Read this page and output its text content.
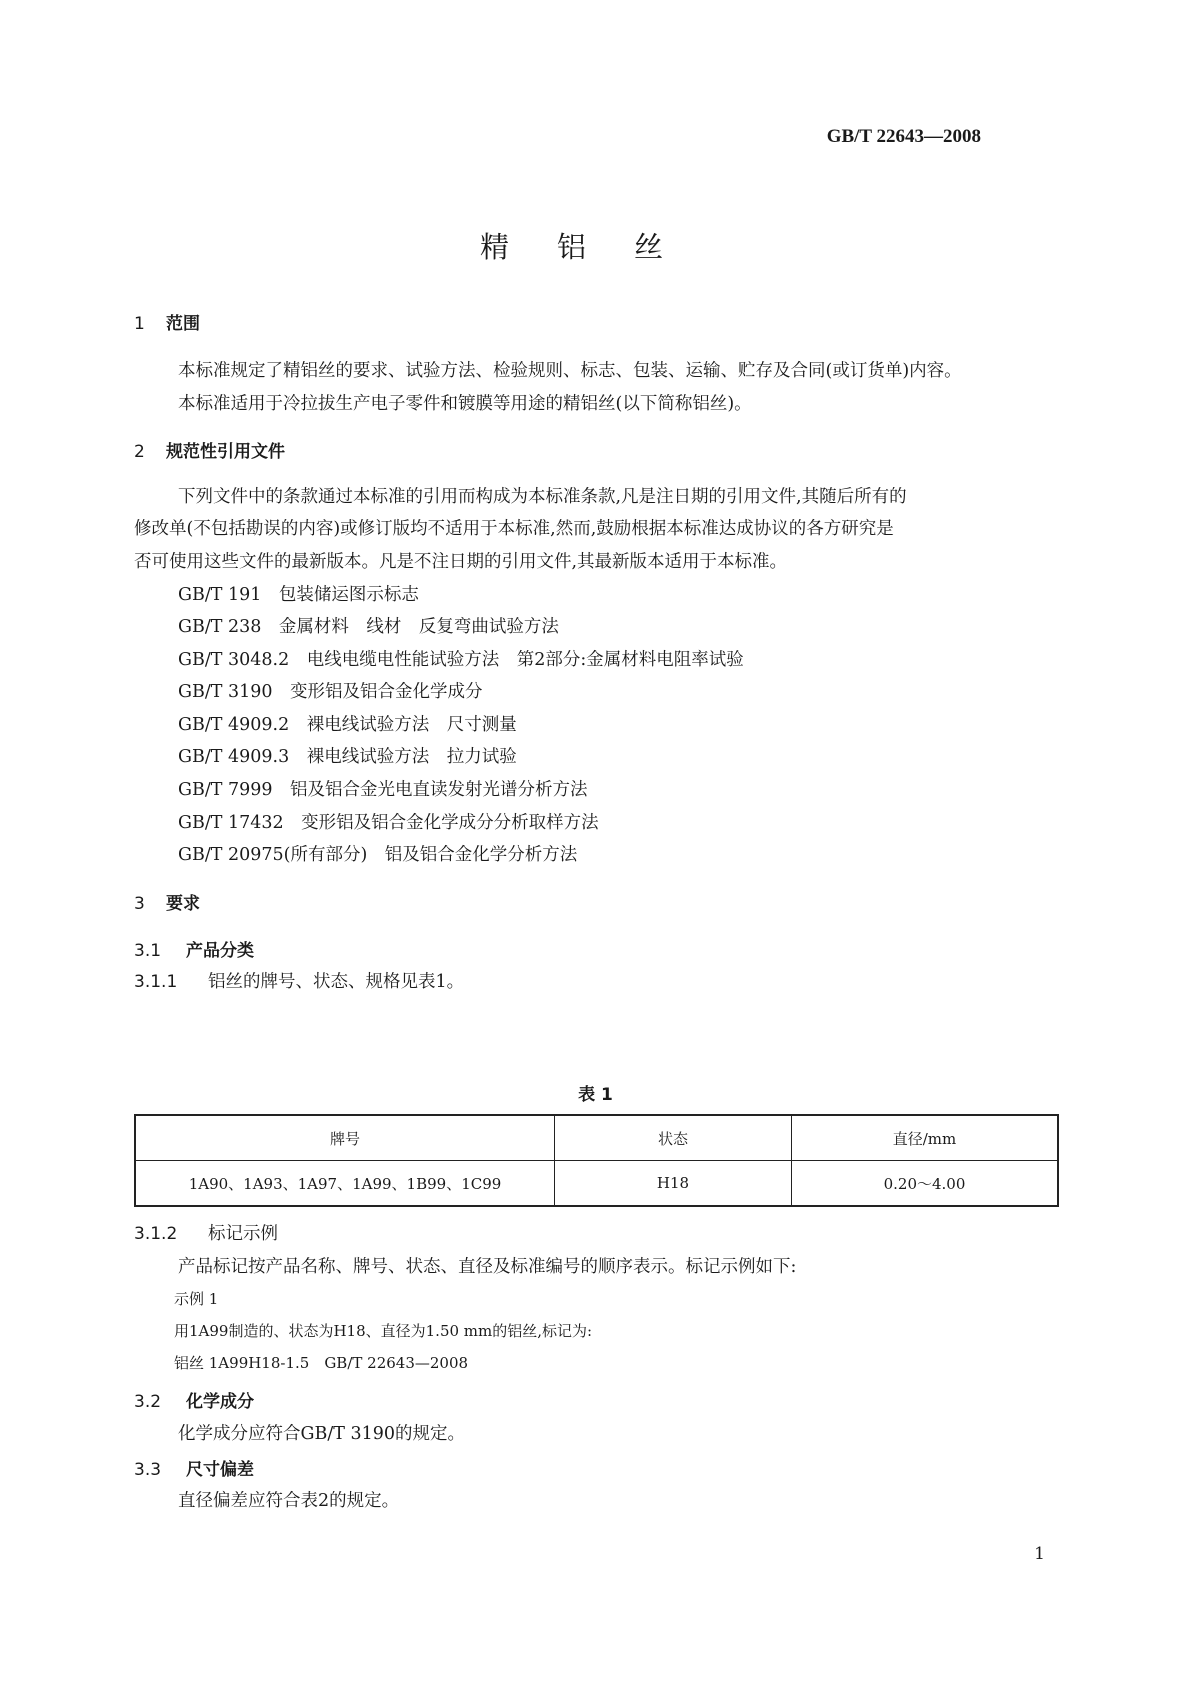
GB/T 22643—2008
精铝丝
1 范围
本标准规定了精铝丝的要求、试验方法、检验规则、标志、包装、运输、贮存及合同(或订货单)内容。
本标准适用于冷拉拔生产电子零件和镀膜等用途的精铝丝(以下简称铝丝)。
2 规范性引用文件
下列文件中的条款通过本标准的引用而构成为本标准条款,凡是注日期的引用文件,其随后所有的
修改单(不包括勘误的内容)或修订版均不适用于本标准,然而,鼓励根据本标准达成协议的各方研究是
否可使用这些文件的最新版本。凡是不注日期的引用文件,其最新版本适用于本标准。
GB/T 191　包装储运图示标志
GB/T 238　金属材料　线材　反复弯曲试验方法
GB/T 3048.2　电线电缆电性能试验方法　第2部分:金属材料电阻率试验
GB/T 3190　变形铝及铝合金化学成分
GB/T 4909.2　裸电线试验方法　尺寸测量
GB/T 4909.3　裸电线试验方法　拉力试验
GB/T 7999　铝及铝合金光电直读发射光谱分析方法
GB/T 17432　变形铝及铝合金化学成分分析取样方法
GB/T 20975(所有部分)　铝及铝合金化学分析方法
3 要求
3.1 产品分类
3.1.1 铝丝的牌号、状态、规格见表1。
表 1
牌号	状态	直径/mm
1A90、1A93、1A97、1A99、1B99、1C99	H18	0.20～4.00
3.1.2 标记示例
产品标记按产品名称、牌号、状态、直径及标准编号的顺序表示。标记示例如下:
示例 1
用1A99制造的、状态为H18、直径为1.50 mm的铝丝,标记为:
铝丝 1A99H18-1.5　GB/T 22643—2008
3.2 化学成分
化学成分应符合GB/T 3190的规定。
3.3 尺寸偏差
直径偏差应符合表2的规定。
1
